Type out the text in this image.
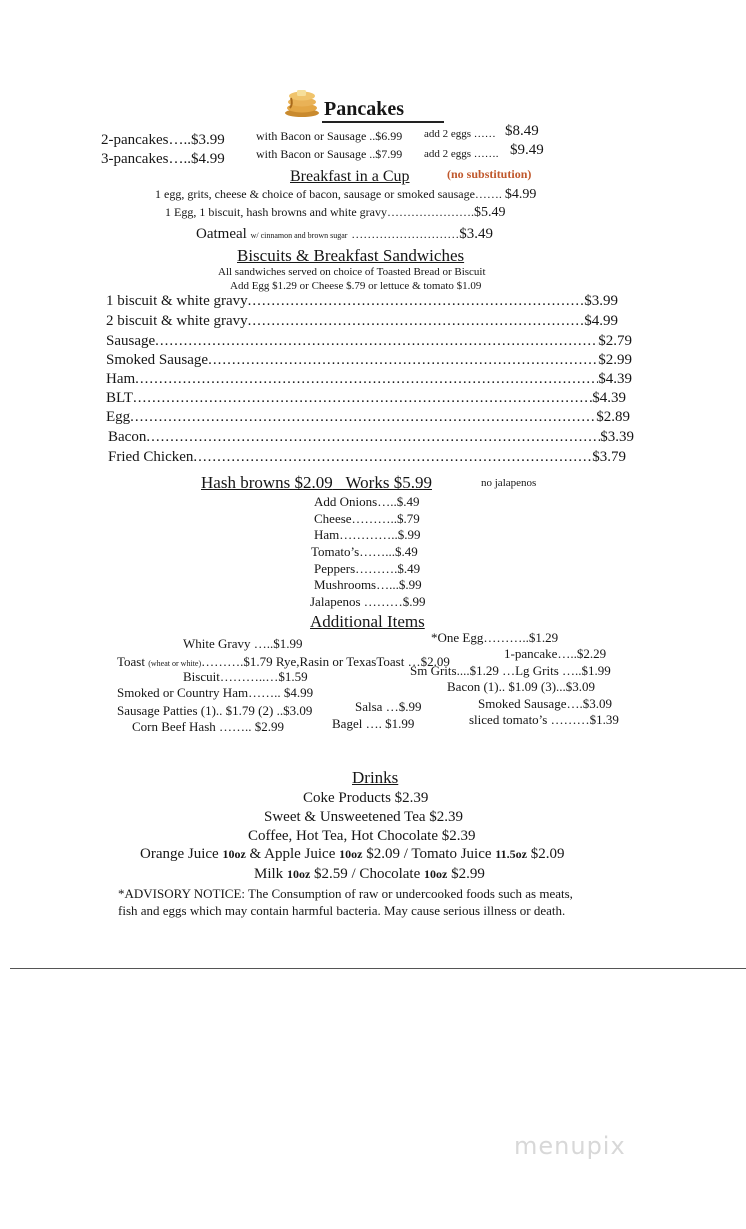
Pancakes
2-pancakes…..$3.99	with Bacon or Sausage ..$6.99 add 2 eggs …… $8.49
3-pancakes…..$4.99	with Bacon or Sausage ..$7.99 add 2 eggs ……. $9.49
Breakfast in a Cup	(no substitution)
1 egg, grits, cheese & choice of bacon, sausage or smoked sausage……. $4.99
1 Egg, 1 biscuit, hash browns and white gravy………………….$5.49
Oatmeal w/ cinnamon and brown sugar ………………………$3.49
Biscuits & Breakfast Sandwiches
All sandwiches served on choice of Toasted Bread or Biscuit
Add Egg $1.29 or Cheese $.79 or lettuce & tomato $1.09
1 biscuit & white gravy .....	$3.99
2 biscuit & white gravy .....	$4.99
Sausage .....	$2.79
Smoked Sausage .....	$2.99
Ham .....	$4.39
BLT .....	$4.39
Egg .....	$2.89
Bacon .....	$3.39
Fried Chicken .....	$3.79
Hash browns $2.09 Works $5.99	no jalapenos
Add Onions…..$.49
Cheese………..$.79
Ham…………..$.99
Tomato’s……...$.49
Peppers……….$.49
Mushrooms…...$.99
Jalapenos ………$.99
Additional Items
White Gravy …..$1.99	*One Egg………..$1.29
Toast (wheat or white)……….$1.79 Rye,Rasin or TexasToast …$2.09
1-pancake…..$2.29
Biscuit………..…$1.59	Sm Grits....$1.29 …Lg Grits …..$1.99
Smoked or Country Ham…….. $4.99	Bacon (1).. $1.09 (3)...$3.09
Sausage Patties (1).. $1.79 (2) ..$3.09	Salsa …$.99	Smoked Sausage….$3.09
Corn Beef Hash …….. $2.99	Bagel …. $1.99	sliced tomato’s ………$1.39
Drinks
Coke Products $2.39
Sweet & Unsweetened Tea $2.39
Coffee, Hot Tea, Hot Chocolate $2.39
Orange Juice 10oz & Apple Juice 10oz $2.09 / Tomato Juice 11.5oz $2.09
Milk 10oz $2.59 / Chocolate 10oz $2.99
*ADVISORY NOTICE: The Consumption of raw or undercooked foods such as meats,
fish and eggs which may contain harmful bacteria. May cause serious illness or death.
menupix
